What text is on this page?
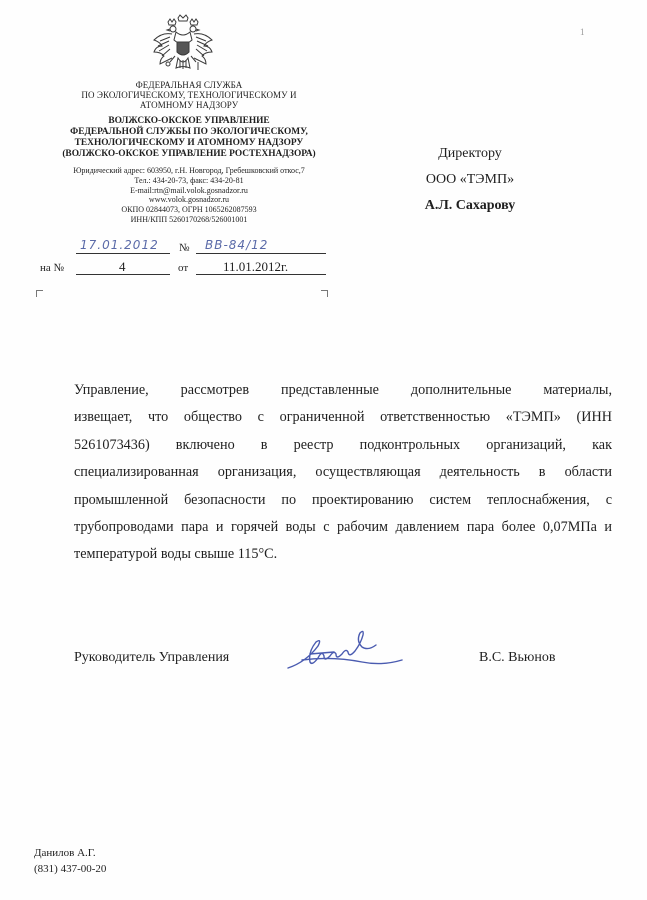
ФЕДЕРАЛЬНАЯ СЛУЖБА
ПО ЭКОЛОГИЧЕСКОМУ, ТЕХНОЛОГИЧЕСКОМУ И
АТОМНОМУ НАДЗОРУ
ВОЛЖСКО-ОКСКОЕ УПРАВЛЕНИЕ
ФЕДЕРАЛЬНОЙ СЛУЖБЫ ПО ЭКОЛОГИЧЕСКОМУ,
ТЕХНОЛОГИЧЕСКОМУ И АТОМНОМУ НАДЗОРУ
(ВОЛЖСКО-ОКСКОЕ УПРАВЛЕНИЕ РОСТЕХНАДЗОРА)
Юридический адрес: 603950, г.Н. Новгород, Гребешковский откос,7
Тел.: 434-20-73, факс: 434-20-81
E-mail:rtn@mail.volok.gosnadzor.ru
www.volok.gosnadzor.ru
ОКПО 02844073, ОГРН 1065262087593
ИНН/КПП 5260170268/526001001
17.01.2012 № ВВ-84/12
на №	4	от	11.01.2012г.
1
Директору
ООО «ТЭМП»
А.Л. Сахарову
Управление, рассмотрев представленные дополнительные материалы,
извещает, что общество с ограниченной ответственностью «ТЭМП» (ИНН
5261073436) включено в реестр подконтрольных организаций, как
специализированная организация, осуществляющая деятельность в области
промышленной безопасности по проектированию систем теплоснабжения, с
трубопроводами пара и горячей воды с рабочим давлением пара более 0,07МПа и
температурой воды свыше 115°С.
Руководитель Управления	В.С. Вьюнов
Данилов А.Г.
(831) 437-00-20
